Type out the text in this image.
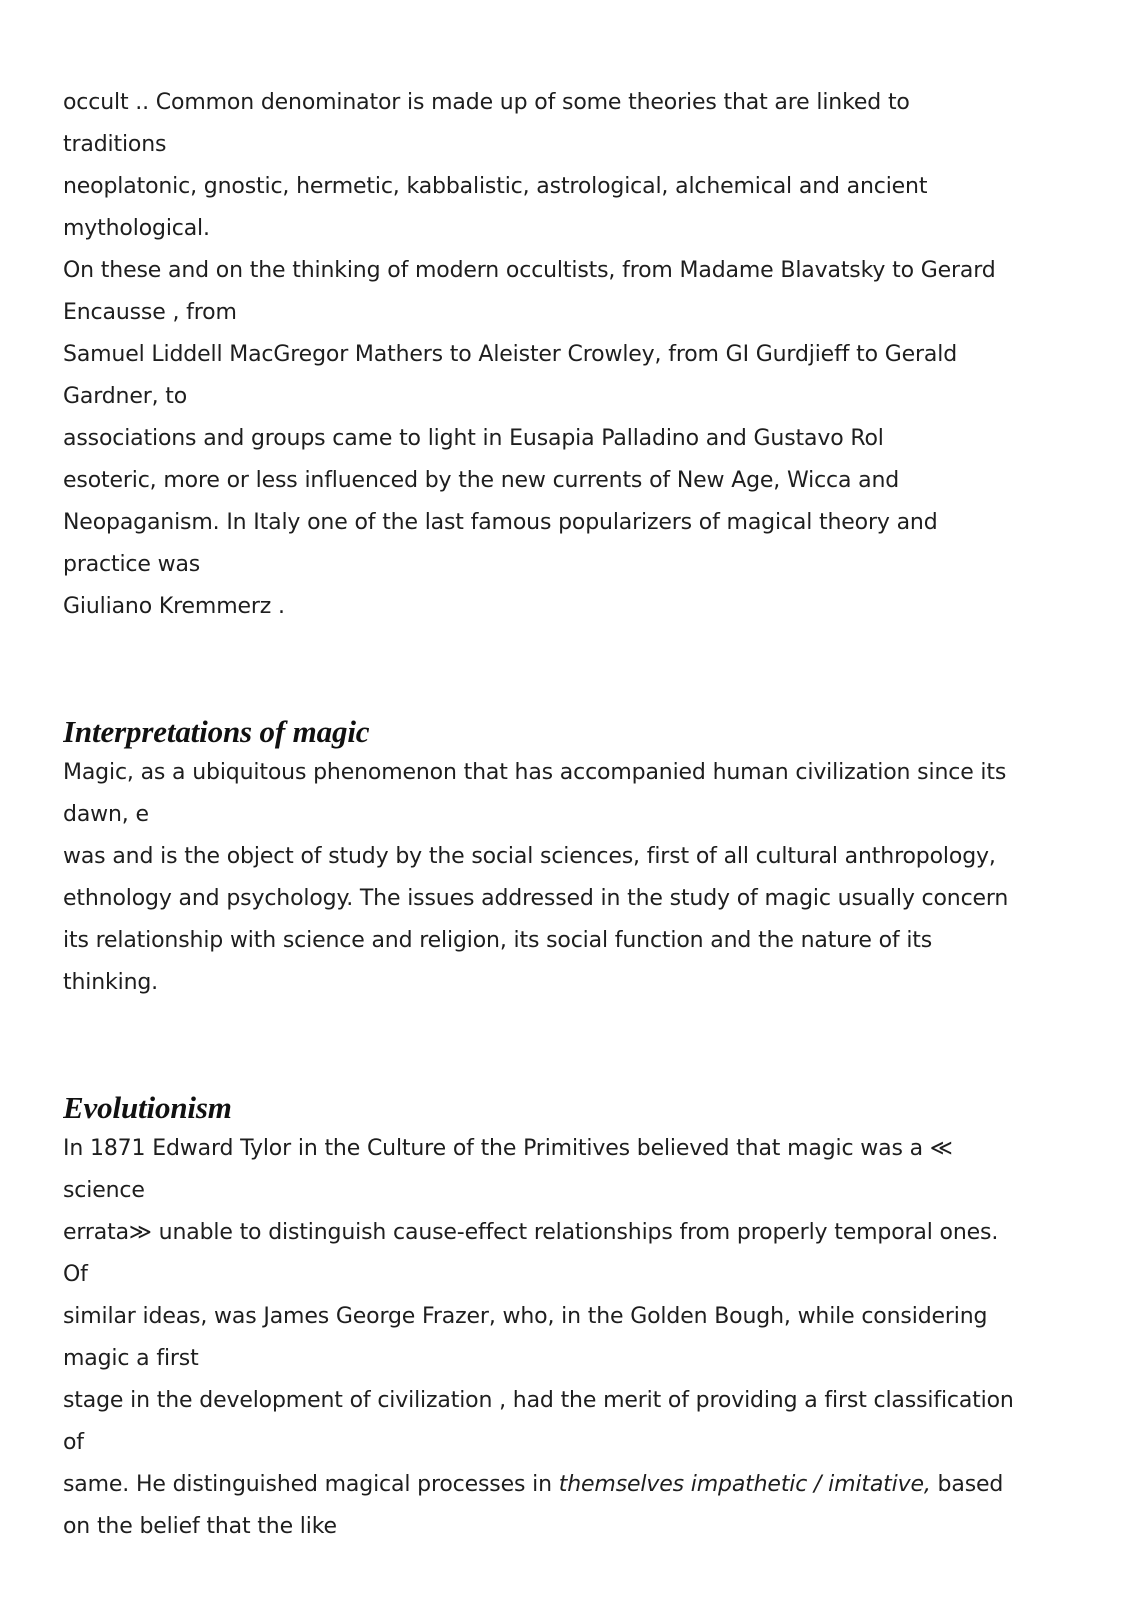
occult .. Common denominator is made up of some theories that are linked to
traditions
neoplatonic, gnostic, hermetic, kabbalistic, astrological, alchemical and ancient
mythological.
On these and on the thinking of modern occultists, from Madame Blavatsky to Gerard
Encausse , from
Samuel Liddell MacGregor Mathers to Aleister Crowley, from GI Gurdjieff to Gerald
Gardner, to
associations and groups came to light in Eusapia Palladino and Gustavo Rol
esoteric, more or less influenced by the new currents of New Age, Wicca and
Neopaganism. In Italy one of the last famous popularizers of magical theory and
practice was
Giuliano Kremmerz .
Interpretations of magic
Magic, as a ubiquitous phenomenon that has accompanied human civilization since its
dawn, e
was and is the object of study by the social sciences, first of all cultural anthropology,
ethnology and psychology. The issues addressed in the study of magic usually concern
its relationship with science and religion, its social function and the nature of its
thinking.
Evolutionism
In 1871 Edward Tylor in the Culture of the Primitives believed that magic was a ≪
science
errata≫ unable to distinguish cause-effect relationships from properly temporal ones.
Of
similar ideas, was James George Frazer, who, in the Golden Bough, while considering
magic a first
stage in the development of civilization , had the merit of providing a first classification
of
same. He distinguished magical processes in themselves impathetic / imitative, based
on the belief that the like
